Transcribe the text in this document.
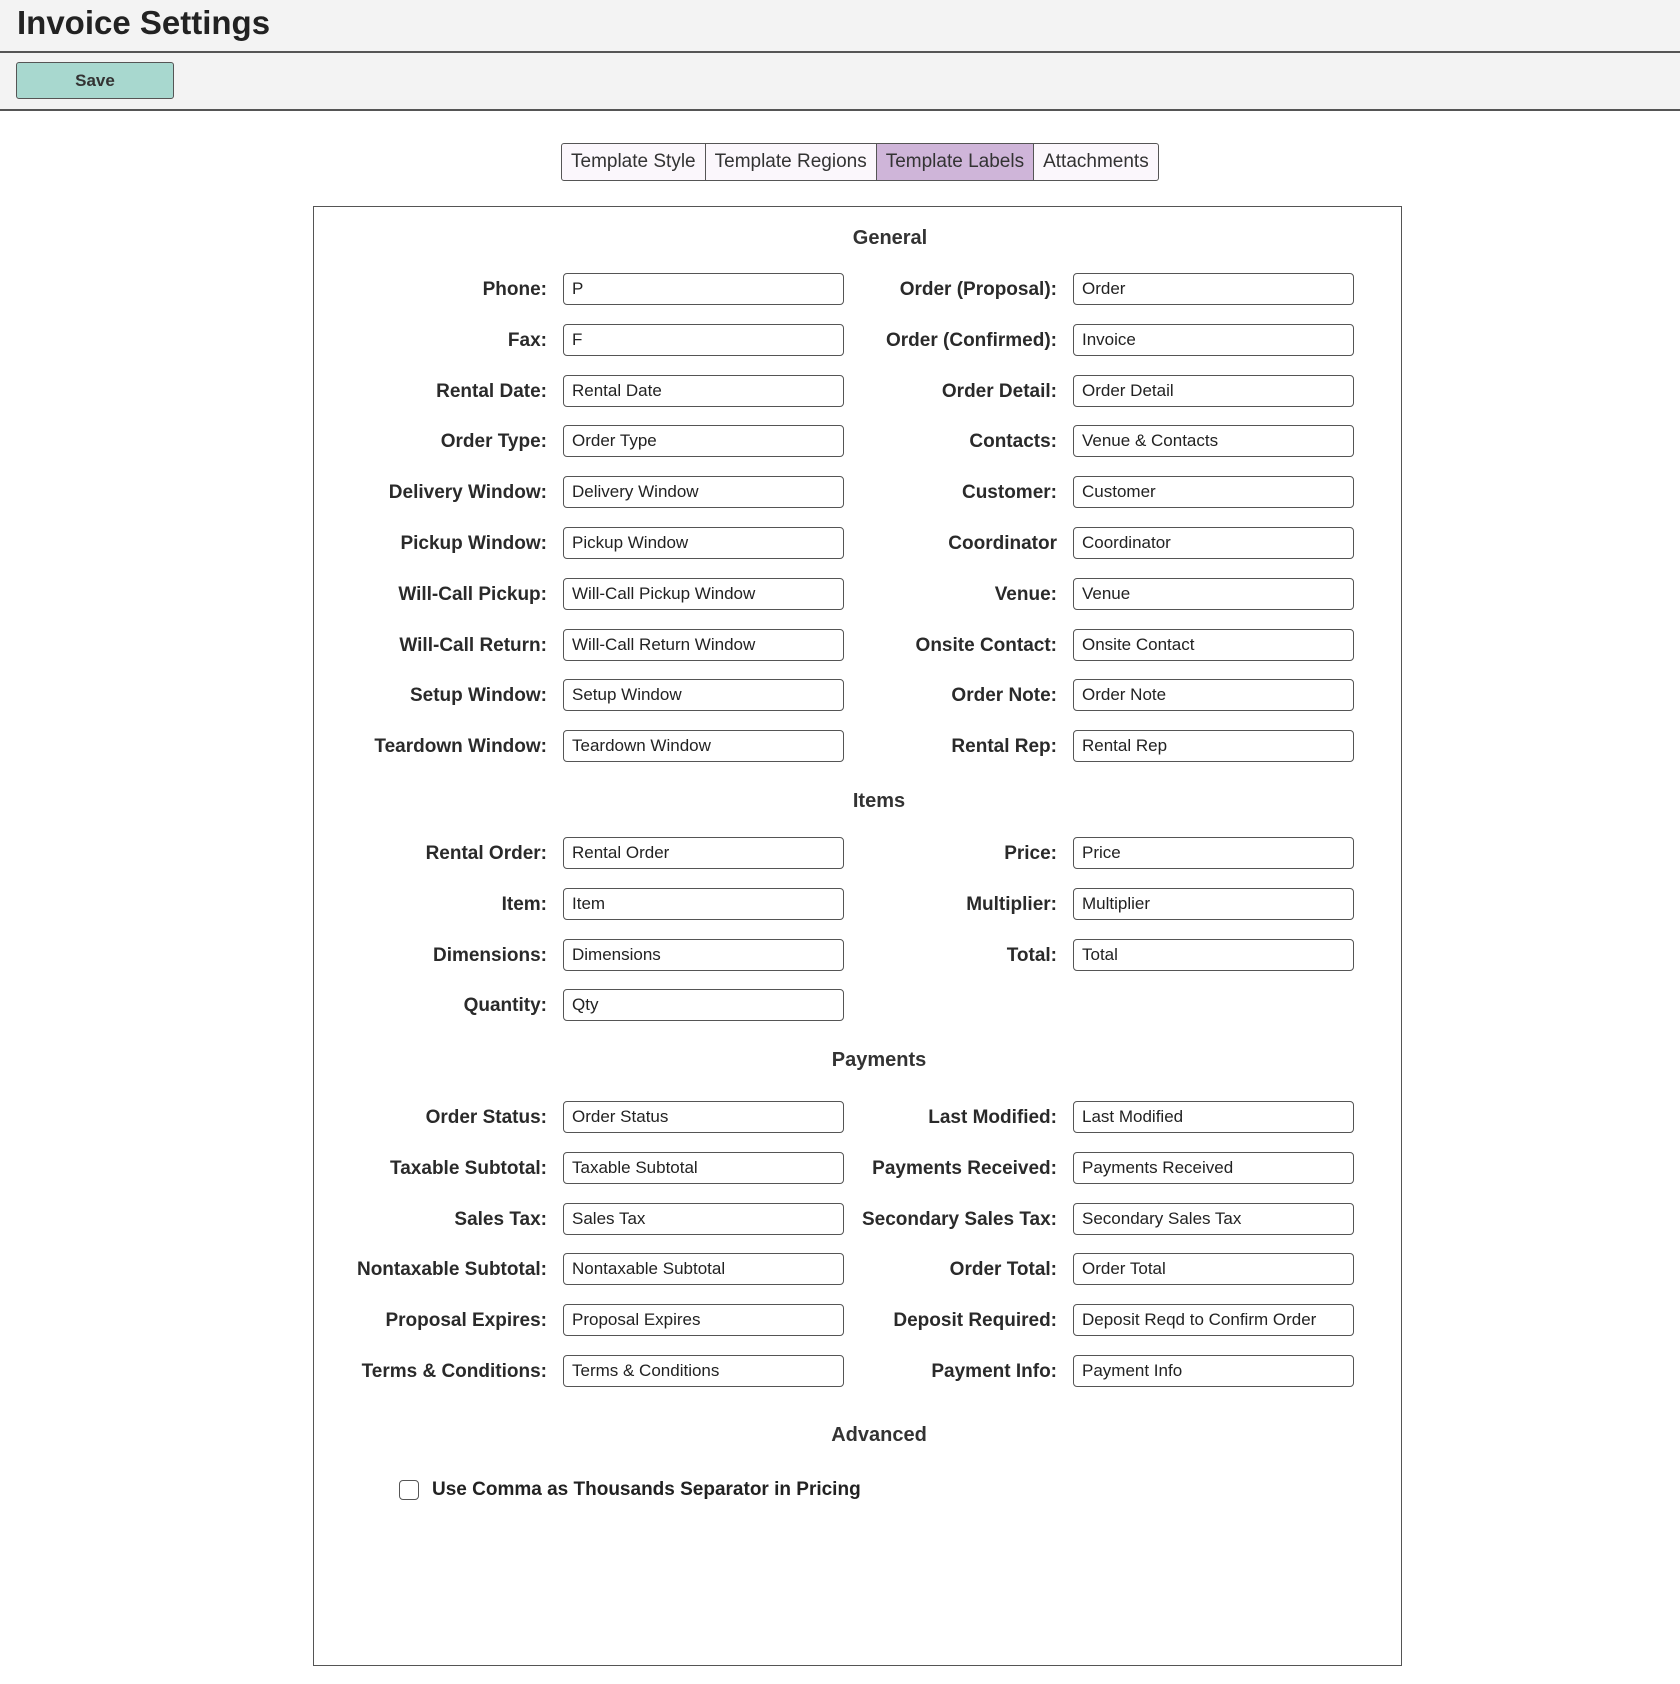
Invoice Settings
Save
Template Style	Template Regions	Template Labels	Attachments
General
Phone:
P
Fax:
F
Rental Date:
Rental Date
Order Type:
Order Type
Delivery Window:
Delivery Window
Pickup Window:
Pickup Window
Will-Call Pickup:
Will-Call Pickup Window
Will-Call Return:
Will-Call Return Window
Setup Window:
Setup Window
Teardown Window:
Teardown Window
Order (Proposal):
Order
Order (Confirmed):
Invoice
Order Detail:
Order Detail
Contacts:
Venue & Contacts
Customer:
Customer
Coordinator
Coordinator
Venue:
Venue
Onsite Contact:
Onsite Contact
Order Note:
Order Note
Rental Rep:
Rental Rep
Items
Rental Order:
Rental Order
Item:
Item
Dimensions:
Dimensions
Quantity:
Qty
Price:
Price
Multiplier:
Multiplier
Total:
Total
Payments
Order Status:
Order Status
Taxable Subtotal:
Taxable Subtotal
Sales Tax:
Sales Tax
Nontaxable Subtotal:
Nontaxable Subtotal
Proposal Expires:
Proposal Expires
Terms & Conditions:
Terms & Conditions
Last Modified:
Last Modified
Payments Received:
Payments Received
Secondary Sales Tax:
Secondary Sales Tax
Order Total:
Order Total
Deposit Required:
Deposit Reqd to Confirm Order
Payment Info:
Payment Info
Advanced
Use Comma as Thousands Separator in Pricing
